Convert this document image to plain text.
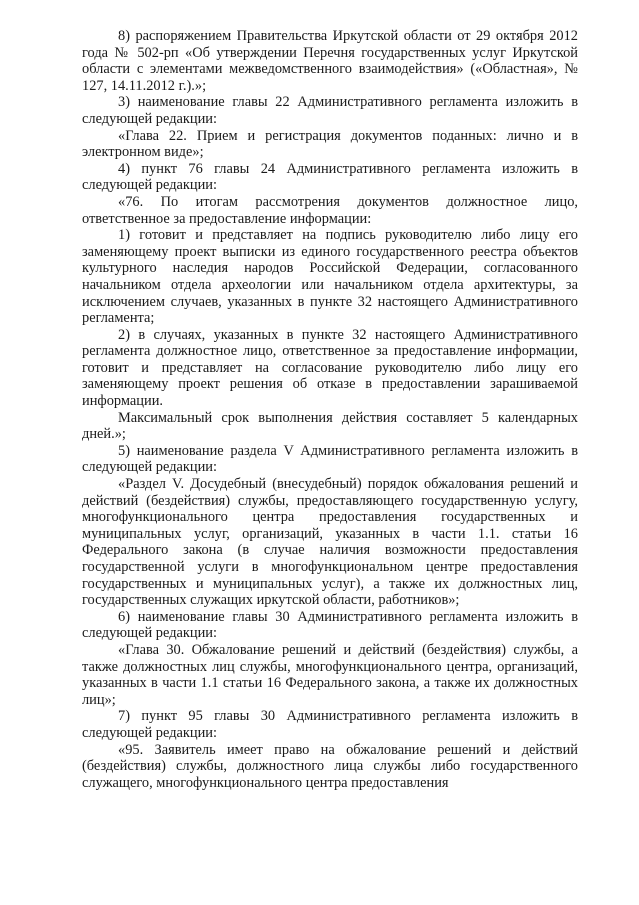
8) распоряжением Правительства Иркутской области от 29 октября 2012 года № 502-рп «Об утверждении Перечня государственных услуг Иркутской области с элементами межведомственного взаимодействия» («Областная», № 127, 14.11.2012 г.).»;

3) наименование главы 22 Административного регламента изложить в следующей редакции:

«Глава 22. Прием и регистрация документов поданных: лично и в электронном виде»;

4) пункт 76 главы 24 Административного регламента изложить в следующей редакции:

«76. По итогам рассмотрения документов должностное лицо, ответственное за предоставление информации:

1) готовит и представляет на подпись руководителю либо лицу его заменяющему проект выписки из единого государственного реестра объектов культурного наследия народов Российской Федерации, согласованного начальником отдела археологии или начальником отдела архитектуры, за исключением случаев, указанных в пункте 32 настоящего Административного регламента;

2) в случаях, указанных в пункте 32 настоящего Административного регламента должностное лицо, ответственное за предоставление информации, готовит и представляет на согласование руководителю либо лицу его заменяющему проект решения об отказе в предоставлении зарашиваемой информации.

Максимальный срок выполнения действия составляет 5 календарных дней.»;

5) наименование раздела V Административного регламента изложить в следующей редакции:

«Раздел V. Досудебный (внесудебный) порядок обжалования решений и действий (бездействия) службы, предоставляющего государственную услугу, многофункционального центра предоставления государственных и муниципальных услуг, организаций, указанных в части 1.1. статьи 16 Федерального закона (в случае наличия возможности предоставления государственной услуги в многофункциональном центре предоставления государственных и муниципальных услуг), а также их должностных лиц, государственных служащих иркутской области, работников»;

6) наименование главы 30 Административного регламента изложить в следующей редакции:

«Глава 30. Обжалование решений и действий (бездействия) службы, а также должностных лиц службы, многофункционального центра, организаций, указанных в части 1.1 статьи 16 Федерального закона, а также их должностных лиц»;

7) пункт 95 главы 30 Административного регламента изложить в следующей редакции:

«95. Заявитель имеет право на обжалование решений и действий (бездействия) службы, должностного лица службы либо государственного служащего, многофункционального центра предоставления
